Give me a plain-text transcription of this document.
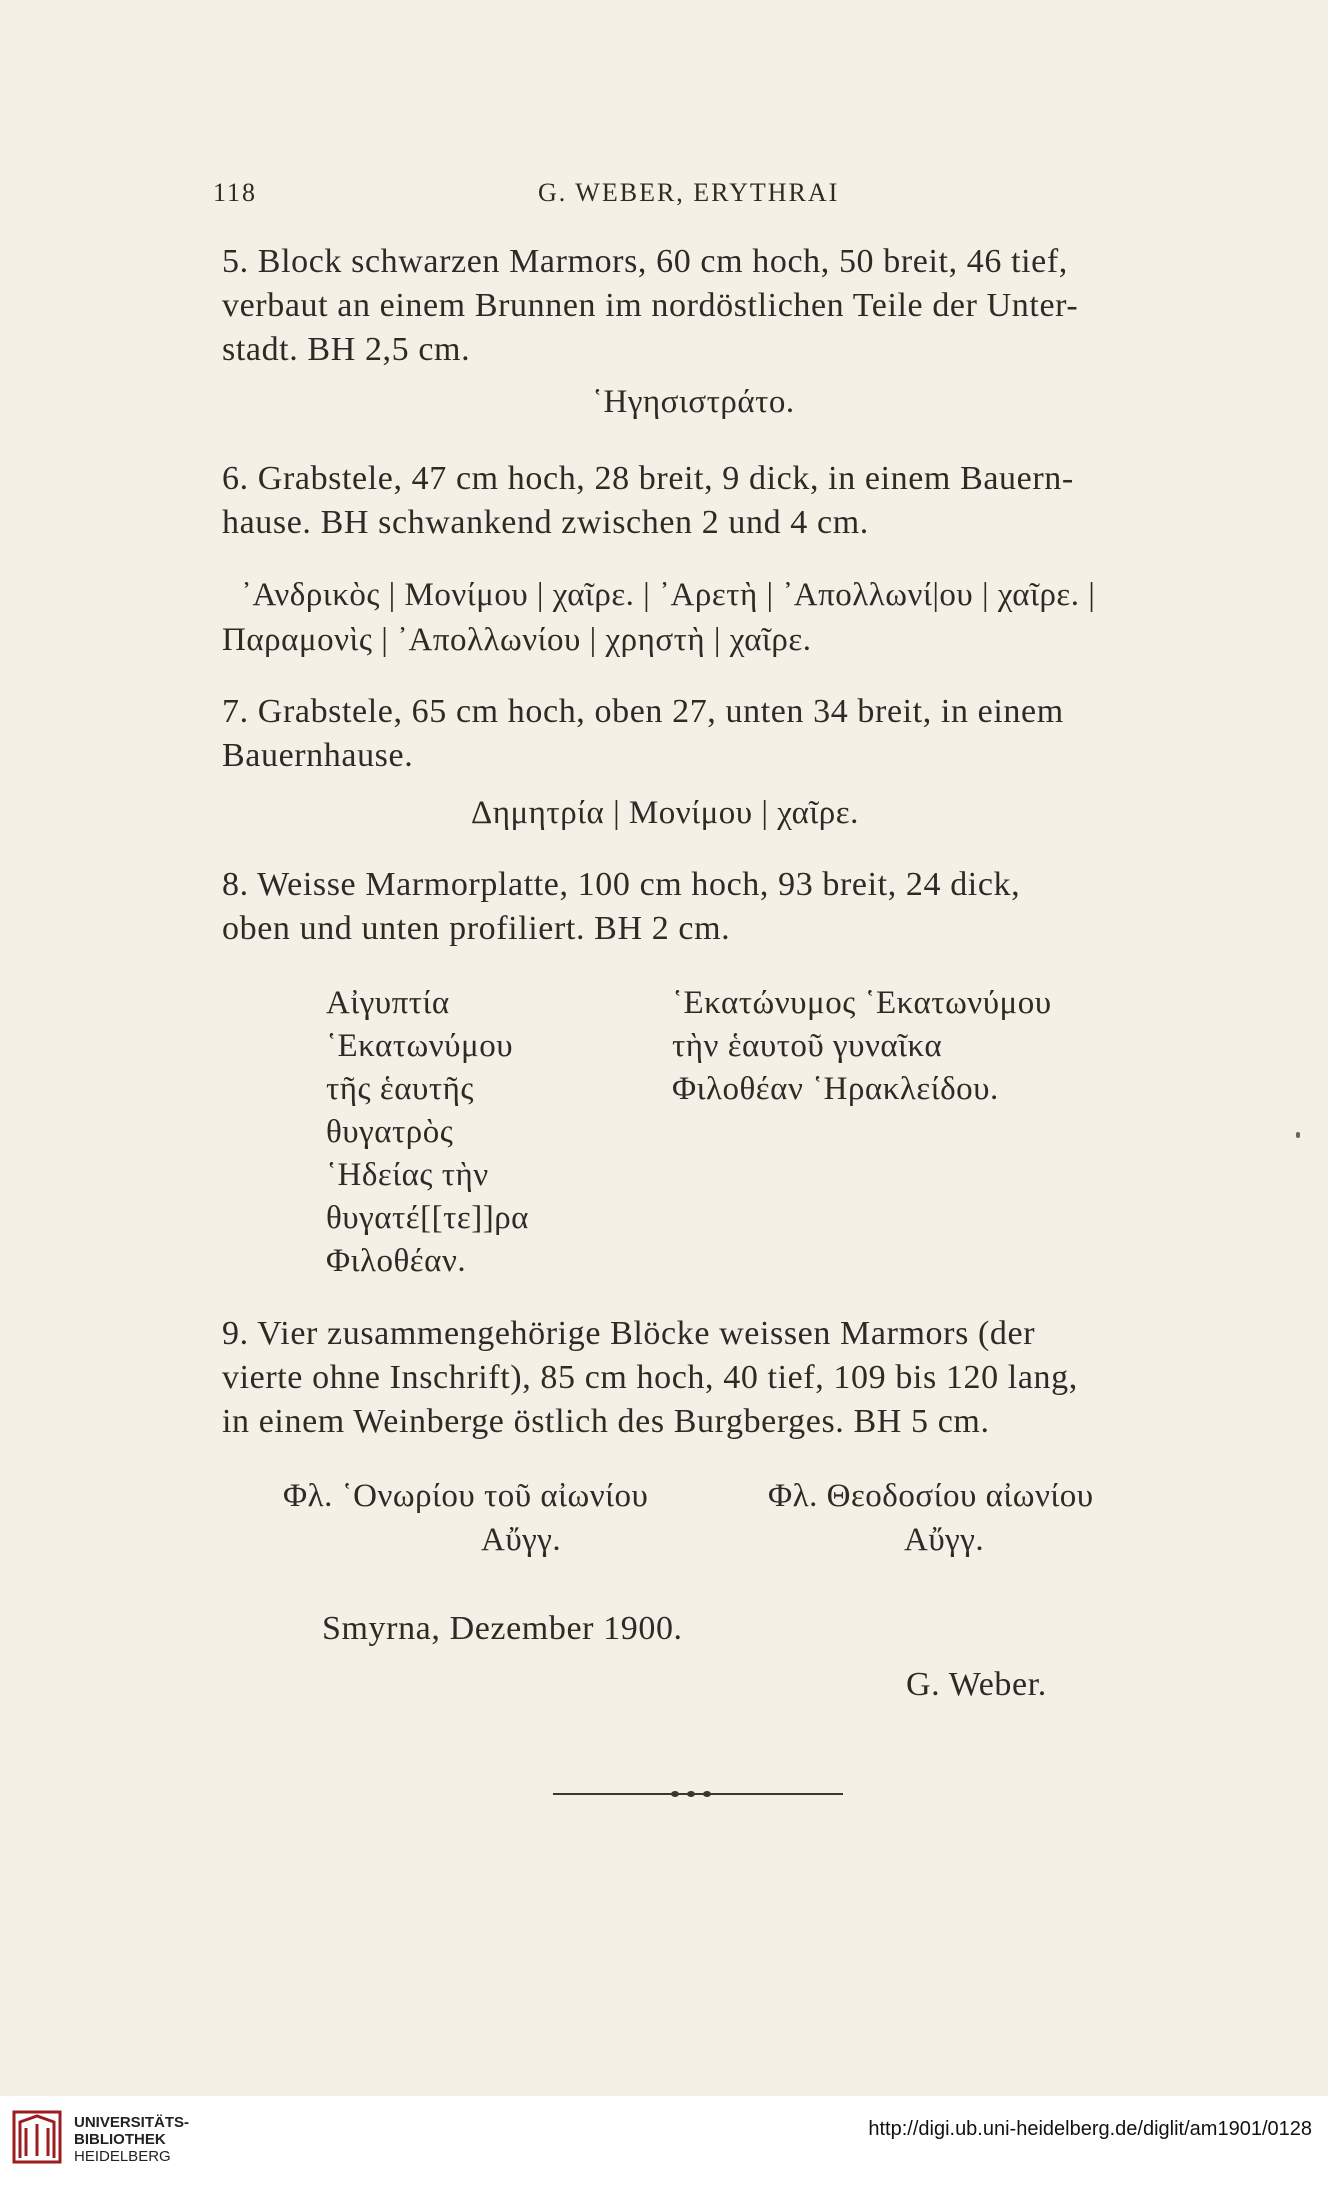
118	G. WEBER, ERYTHRAI
5. Block schwarzen Marmors, 60 cm hoch, 50 breit, 46 tief,
verbaut an einem Brunnen im nordöstlichen Teile der Unter-
stadt. BH 2,5 cm.
῾Ηγησιστράτο.
6. Grabstele, 47 cm hoch, 28 breit, 9 dick, in einem Bauern-
hause. BH schwankend zwischen 2 und 4 cm.
᾿Ανδρικὸς | Μονίμου | χαῖρε. | ᾿Αρετὴ | ᾿Απολλωνί|ου | χαῖρε. |
Παραμονὶς | ᾿Απολλωνίου | χρηστὴ | χαῖρε.
7. Grabstele, 65 cm hoch, oben 27, unten 34 breit, in einem
Bauernhause.
Δημητρία | Μονίμου | χαῖρε.
8. Weisse Marmorplatte, 100 cm hoch, 93 breit, 24 dick,
oben und unten profiliert. BH 2 cm.
Αἰγυπτία
῾Εκατωνύμου
τῆς ἑαυτῆς
θυγατρὸς
῾Ηδείας τὴν
θυγατέ[[τε]]ρα
Φιλοθέαν.
῾Εκατώνυμος ῾Εκατωνύμου
τὴν ἑαυτοῦ γυναῖκα
Φιλοθέαν ῾Ηρακλείδου.
9. Vier zusammengehörige Blöcke weissen Marmors (der
vierte ohne Inschrift), 85 cm hoch, 40 tief, 109 bis 120 lang,
in einem Weinberge östlich des Burgberges. BH 5 cm.
Φλ. ῾Ονωρίου τοῦ αἰωνίου
Αὔγγ.
Φλ. Θεοδοσίου αἰωνίου
Αὔγγ.
Smyrna, Dezember 1900.
G. Weber.
UNIVERSITÄTS-
BIBLIOTHEK
HEIDELBERG
http://digi.ub.uni-heidelberg.de/diglit/am1901/0128
